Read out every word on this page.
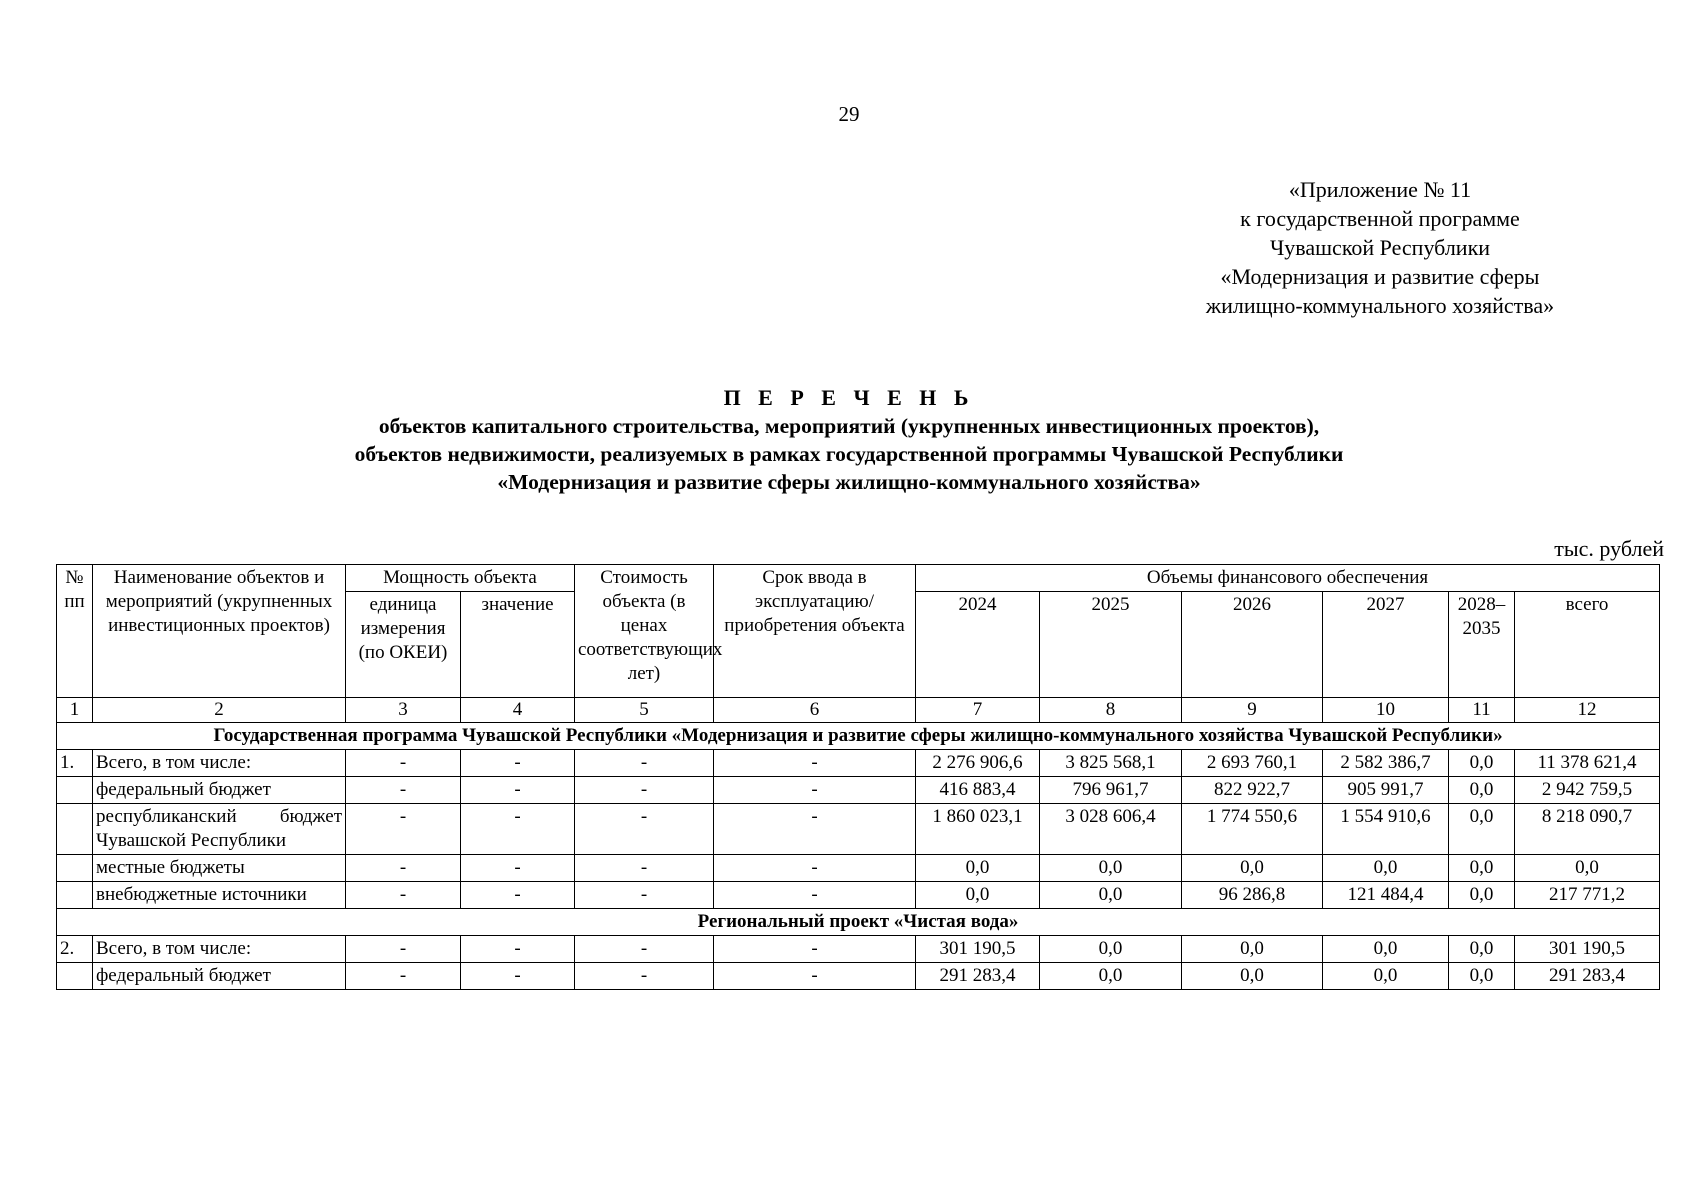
29
«Приложение № 11
к государственной программе
Чувашской Республики
«Модернизация и развитие сферы
жилищно-коммунального хозяйства»
П Е Р Е Ч Е Н Ь
объектов капитального строительства, мероприятий (укрупненных инвестиционных проектов),
объектов недвижимости, реализуемых в рамках государственной программы Чувашской Республики
«Модернизация и развитие сферы жилищно-коммунального хозяйства»
тыс. рублей
№ пп	Наименование объектов и мероприятий (укрупненных инвестиционных проектов)	Мощность объекта		Стоимость объекта (в ценах соответствующих лет)	Срок ввода в эксплуатацию/ приобретения объекта	Объемы финансового обеспечения					
		единица измерения (по ОКЕИ)	значение			2024	2025	2026	2027	2028–2035	всего
1	2	3	4	5	6	7	8	9	10	11	12
Государственная программа Чувашской Республики «Модернизация и развитие сферы жилищно-коммунального хозяйства Чувашской Республики»											
1.	Всего, в том числе:	-	-	-	-	2 276 906,6	3 825 568,1	2 693 760,1	2 582 386,7	0,0	11 378 621,4
	федеральный бюджет	-	-	-	-	416 883,4	796 961,7	822 922,7	905 991,7	0,0	2 942 759,5
	республиканский бюджет Чувашской Республики	-	-	-	-	1 860 023,1	3 028 606,4	1 774 550,6	1 554 910,6	0,0	8 218 090,7
	местные бюджеты	-	-	-	-	0,0	0,0	0,0	0,0	0,0	0,0
	внебюджетные источники	-	-	-	-	0,0	0,0	96 286,8	121 484,4	0,0	217 771,2
Региональный проект «Чистая вода»											
2.	Всего, в том числе:	-	-	-	-	301 190,5	0,0	0,0	0,0	0,0	301 190,5
	федеральный бюджет	-	-	-	-	291 283,4	0,0	0,0	0,0	0,0	291 283,4
